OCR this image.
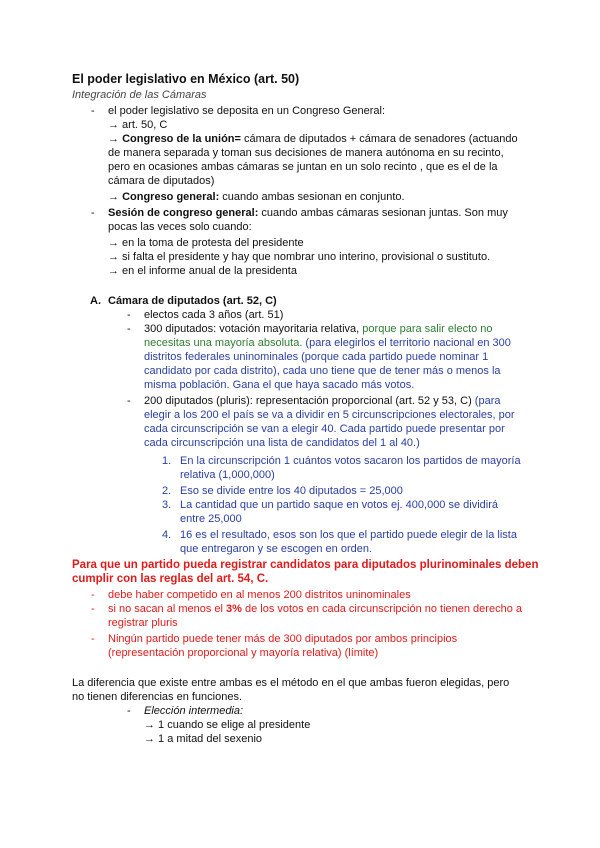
El poder legislativo en México (art. 50)
Integración de las Cámaras
- el poder legislativo se deposita en un Congreso General:
→ art. 50, C
→ Congreso de la unión= cámara de diputados + cámara de senadores (actuando
de manera separada y toman sus decisiones de manera autónoma en su recinto,
pero en ocasiones ambas cámaras se juntan en un solo recinto , que es el de la
cámara de diputados)
→ Congreso general: cuando ambas sesionan en conjunto.
- Sesión de congreso general: cuando ambas cámaras sesionan juntas. Son muy
pocas las veces solo cuando:
→ en la toma de protesta del presidente
→ si falta el presidente y hay que nombrar uno interino, provisional o sustituto.
→ en el informe anual de la presidenta
A. Cámara de diputados (art. 52, C)
- electos cada 3 años (art. 51)
- 300 diputados: votación mayoritaria relativa, porque para salir electo no
necesitas una mayoría absoluta. (para elegirlos el territorio nacional en 300
distritos federales uninominales (porque cada partido puede nominar 1
candidato por cada distrito), cada uno tiene que de tener más o menos la
misma población. Gana el que haya sacado más votos.
- 200 diputados (pluris): representación proporcional (art. 52 y 53, C) (para
elegir a los 200 el país se va a dividir en 5 circunscripciones electorales, por
cada circunscripción se van a elegir 40. Cada partido puede presentar por
cada circunscripción una lista de candidatos del 1 al 40.)
1. En la circunscripción 1 cuántos votos sacaron los partidos de mayoría
relativa (1,000,000)
2. Eso se divide entre los 40 diputados = 25,000
3. La cantidad que un partido saque en votos ej. 400,000 se dividirá
entre 25,000
4. 16 es el resultado, esos son los que el partido puede elegir de la lista
que entregaron y se escogen en orden.
Para que un partido pueda registrar candidatos para diputados plurinominales deben
cumplir con las reglas del art. 54, C.
- debe haber competido en al menos 200 distritos uninominales
- si no sacan al menos el 3% de los votos en cada circunscripción no tienen derecho a
registrar pluris
- Ningún partido puede tener más de 300 diputados por ambos principios
(representación proporcional y mayoría relativa) (límite)
La diferencia que existe entre ambas es el método en el que ambas fueron elegidas, pero
no tienen diferencias en funciones.
- Elección intermedia:
→ 1 cuando se elige al presidente
→ 1 a mitad del sexenio
